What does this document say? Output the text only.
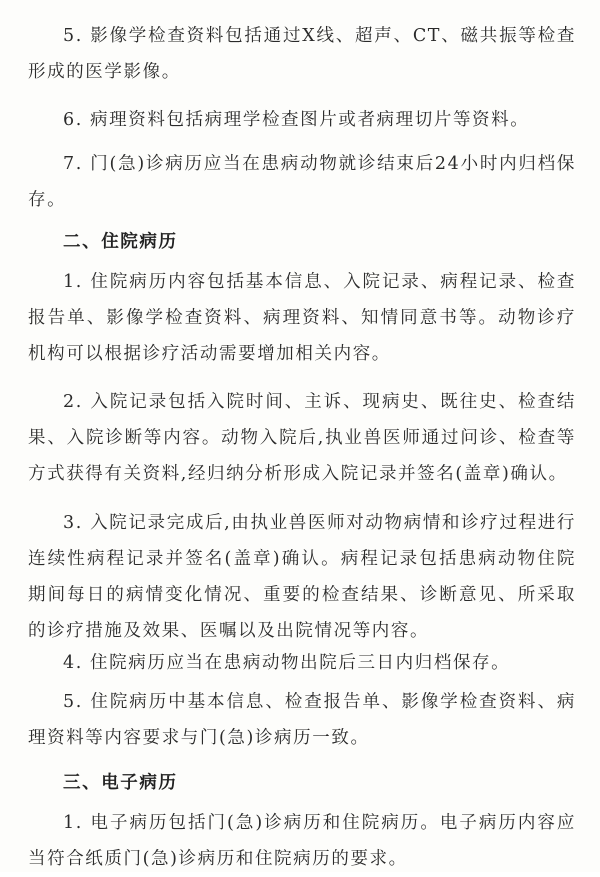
5. 影像学检查资料包括通过X线、超声、CT、磁共振等检查形成的医学影像。

6. 病理资料包括病理学检查图片或者病理切片等资料。

7. 门(急)诊病历应当在患病动物就诊结束后24小时内归档保存。

二、住院病历

1. 住院病历内容包括基本信息、入院记录、病程记录、检查报告单、影像学检查资料、病理资料、知情同意书等。动物诊疗机构可以根据诊疗活动需要增加相关内容。

2. 入院记录包括入院时间、主诉、现病史、既往史、检查结果、入院诊断等内容。动物入院后,执业兽医师通过问诊、检查等方式获得有关资料,经归纳分析形成入院记录并签名(盖章)确认。

3. 入院记录完成后,由执业兽医师对动物病情和诊疗过程进行连续性病程记录并签名(盖章)确认。病程记录包括患病动物住院期间每日的病情变化情况、重要的检查结果、诊断意见、所采取的诊疗措施及效果、医嘱以及出院情况等内容。

4. 住院病历应当在患病动物出院后三日内归档保存。

5. 住院病历中基本信息、检查报告单、影像学检查资料、病理资料等内容要求与门(急)诊病历一致。

三、电子病历

1. 电子病历包括门(急)诊病历和住院病历。电子病历内容应当符合纸质门(急)诊病历和住院病历的要求。
